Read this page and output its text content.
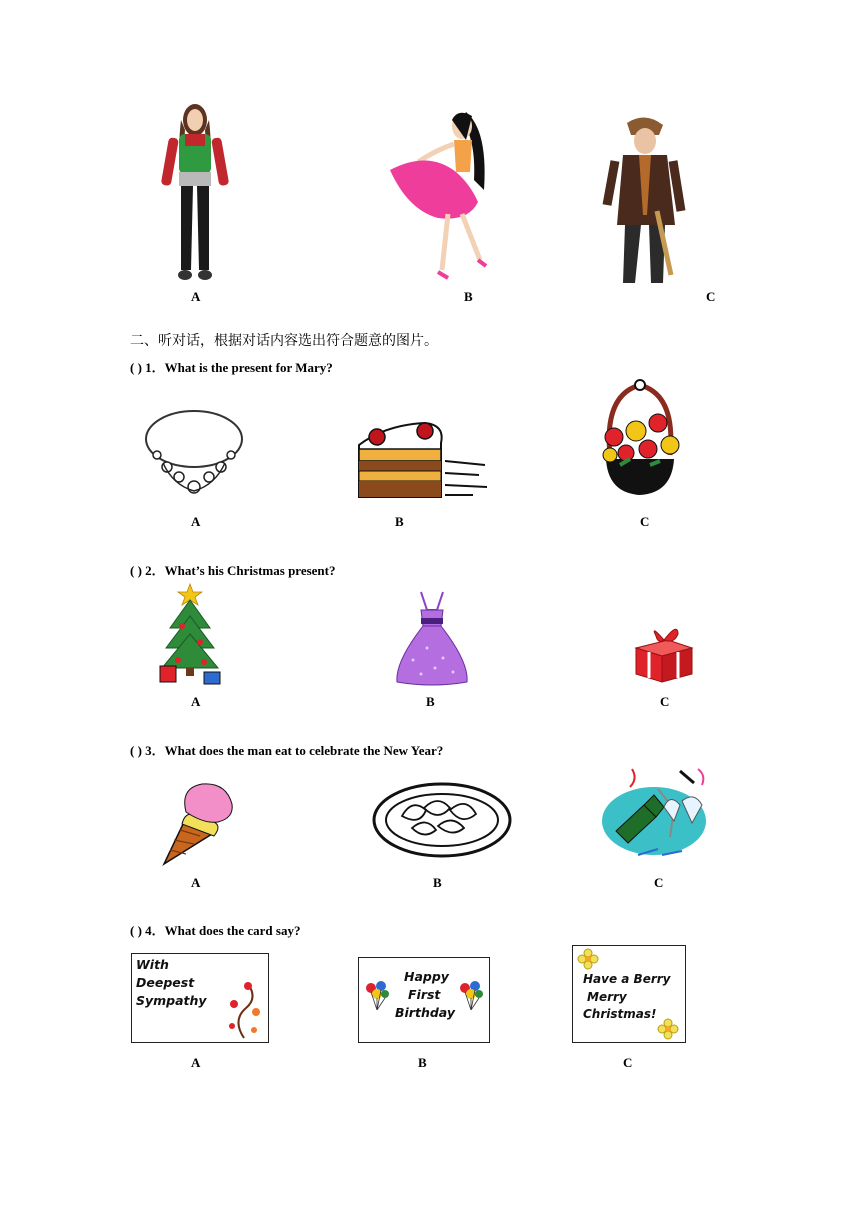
A	B	C
二、听对话，根据对话内容选出符合题意的图片。
( ) 1．What is the present for Mary?
A	B	C
( ) 2．What’s his Christmas present?
A	B	C
( ) 3．What does the man eat to celebrate the New Year?
A	B	C
( ) 4．What does the card say?
With
Deepest
Sympathy
A
Happy
First
Birthday
B
Have a Berry
Merry
Christmas!
C
